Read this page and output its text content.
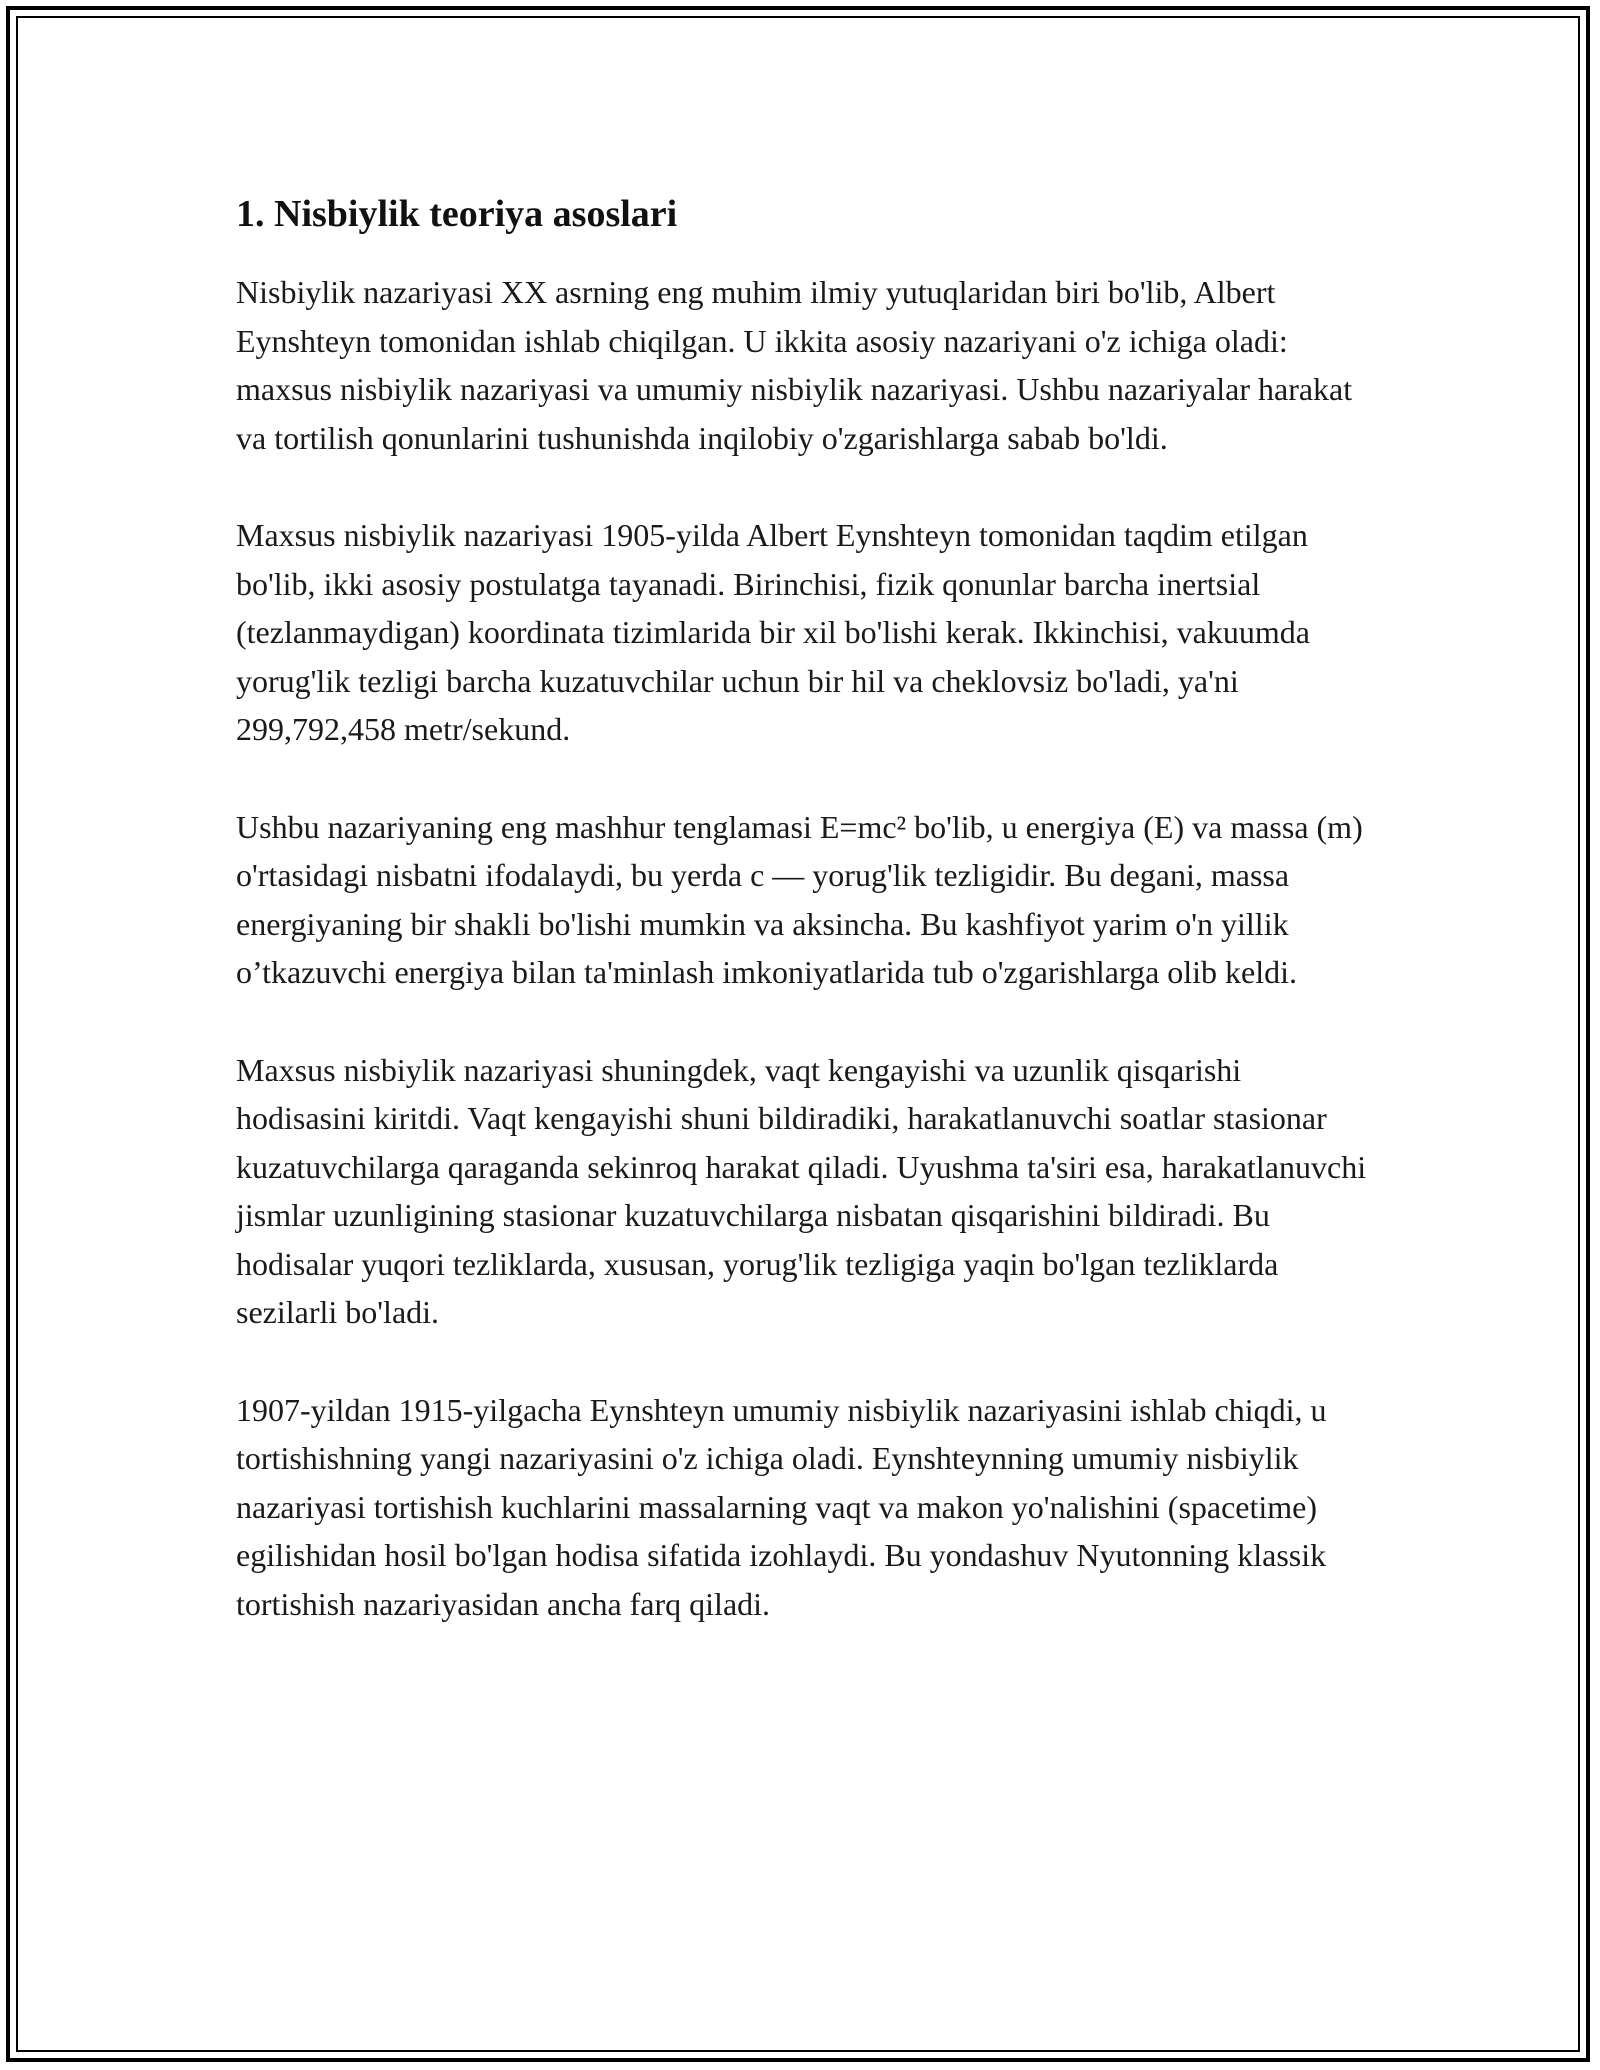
1. Nisbiylik teoriya asoslari

Nisbiylik nazariyasi XX asrning eng muhim ilmiy yutuqlaridan biri bo'lib, Albert Eynshteyn tomonidan ishlab chiqilgan. U ikkita asosiy nazariyani o'z ichiga oladi: maxsus nisbiylik nazariyasi va umumiy nisbiylik nazariyasi. Ushbu nazariyalar harakat va tortilish qonunlarini tushunishda inqilobiy o'zgarishlarga sabab bo'ldi.

Maxsus nisbiylik nazariyasi 1905-yilda Albert Eynshteyn tomonidan taqdim etilgan bo'lib, ikki asosiy postulatga tayanadi. Birinchisi, fizik qonunlar barcha inertsial (tezlanmaydigan) koordinata tizimlarida bir xil bo'lishi kerak. Ikkinchisi, vakuumda yorug'lik tezligi barcha kuzatuvchilar uchun bir hil va cheklovsiz bo'ladi, ya'ni 299,792,458 metr/sekund.

Ushbu nazariyaning eng mashhur tenglamasi E=mc² bo'lib, u energiya (E) va massa (m) o'rtasidagi nisbatni ifodalaydi, bu yerda c — yorug'lik tezligidir. Bu degani, massa energiyaning bir shakli bo'lishi mumkin va aksincha. Bu kashfiyot yarim o'n yillik o’tkazuvchi energiya bilan ta'minlash imkoniyatlarida tub o'zgarishlarga olib keldi.

Maxsus nisbiylik nazariyasi shuningdek, vaqt kengayishi va uzunlik qisqarishi hodisasini kiritdi. Vaqt kengayishi shuni bildiradiki, harakatlanuvchi soatlar stasionar kuzatuvchilarga qaraganda sekinroq harakat qiladi. Uyushma ta'siri esa, harakatlanuvchi jismlar uzunligining stasionar kuzatuvchilarga nisbatan qisqarishini bildiradi. Bu hodisalar yuqori tezliklarda, xususan, yorug'lik tezligiga yaqin bo'lgan tezliklarda sezilarli bo'ladi.

1907-yildan 1915-yilgacha Eynshteyn umumiy nisbiylik nazariyasini ishlab chiqdi, u tortishishning yangi nazariyasini o'z ichiga oladi. Eynshteynning umumiy nisbiylik nazariyasi tortishish kuchlarini massalarning vaqt va makon yo'nalishini (spacetime) egilishidan hosil bo'lgan hodisa sifatida izohlaydi. Bu yondashuv Nyutonning klassik tortishish nazariyasidan ancha farq qiladi.
